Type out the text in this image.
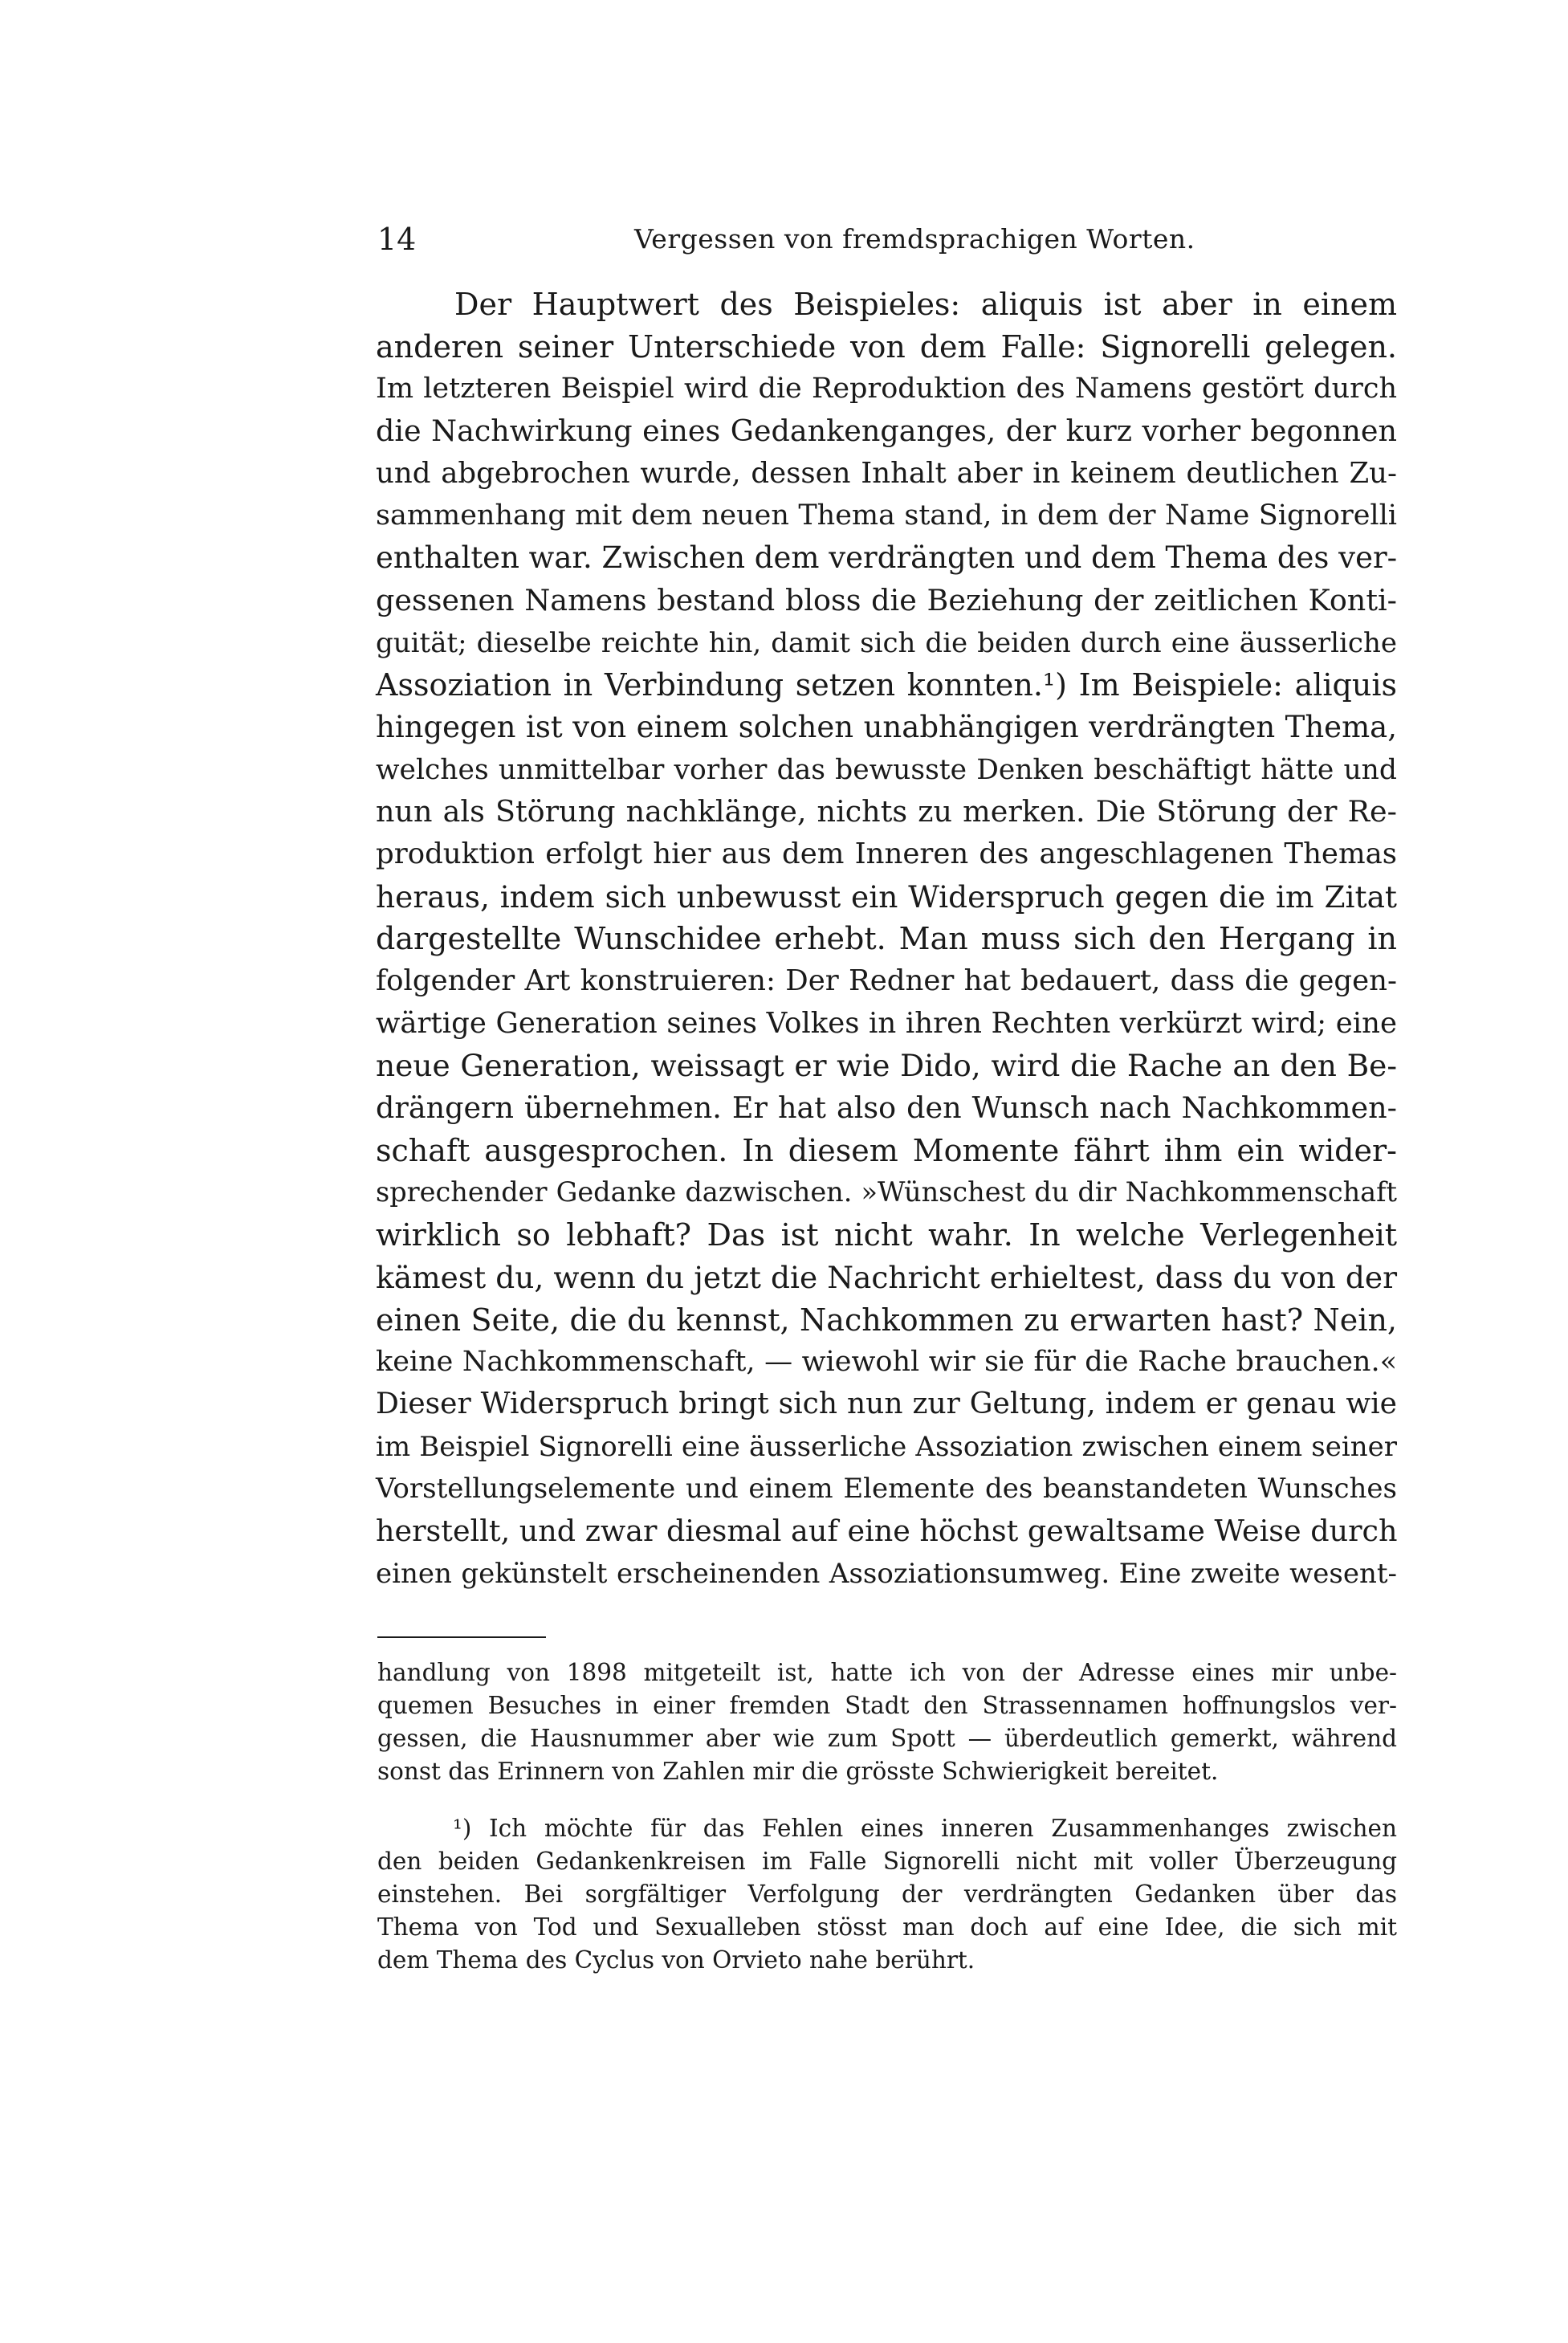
14	Vergessen von fremdsprachigen Worten.
Der Hauptwert des Beispieles: aliquis ist aber in einem
anderen seiner Unterschiede von dem Falle: Signorelli gelegen.
Im letzteren Beispiel wird die Reproduktion des Namens gestört durch
die Nachwirkung eines Gedankenganges, der kurz vorher begonnen
und abgebrochen wurde, dessen Inhalt aber in keinem deutlichen Zu-
sammenhang mit dem neuen Thema stand, in dem der Name Signorelli
enthalten war. Zwischen dem verdrängten und dem Thema des ver-
gessenen Namens bestand bloss die Beziehung der zeitlichen Konti-
guität; dieselbe reichte hin, damit sich die beiden durch eine äusserliche
Assoziation in Verbindung setzen konnten.¹) Im Beispiele: aliquis
hingegen ist von einem solchen unabhängigen verdrängten Thema,
welches unmittelbar vorher das bewusste Denken beschäftigt hätte und
nun als Störung nachklänge, nichts zu merken. Die Störung der Re-
produktion erfolgt hier aus dem Inneren des angeschlagenen Themas
heraus, indem sich unbewusst ein Widerspruch gegen die im Zitat
dargestellte Wunschidee erhebt. Man muss sich den Hergang in
folgender Art konstruieren: Der Redner hat bedauert, dass die gegen-
wärtige Generation seines Volkes in ihren Rechten verkürzt wird; eine
neue Generation, weissagt er wie Dido, wird die Rache an den Be-
drängern übernehmen. Er hat also den Wunsch nach Nachkommen-
schaft ausgesprochen. In diesem Momente fährt ihm ein wider-
sprechender Gedanke dazwischen. »Wünschest du dir Nachkommenschaft
wirklich so lebhaft? Das ist nicht wahr. In welche Verlegenheit
kämest du, wenn du jetzt die Nachricht erhieltest, dass du von der
einen Seite, die du kennst, Nachkommen zu erwarten hast? Nein,
keine Nachkommenschaft, — wiewohl wir sie für die Rache brauchen.«
Dieser Widerspruch bringt sich nun zur Geltung, indem er genau wie
im Beispiel Signorelli eine äusserliche Assoziation zwischen einem seiner
Vorstellungselemente und einem Elemente des beanstandeten Wunsches
herstellt, und zwar diesmal auf eine höchst gewaltsame Weise durch
einen gekünstelt erscheinenden Assoziationsumweg. Eine zweite wesent-
handlung von 1898 mitgeteilt ist, hatte ich von der Adresse eines mir unbe-
quemen Besuches in einer fremden Stadt den Strassennamen hoffnungslos ver-
gessen, die Hausnummer aber wie zum Spott — überdeutlich gemerkt, während
sonst das Erinnern von Zahlen mir die grösste Schwierigkeit bereitet.
¹) Ich möchte für das Fehlen eines inneren Zusammenhanges zwischen
den beiden Gedankenkreisen im Falle Signorelli nicht mit voller Überzeugung
einstehen. Bei sorgfältiger Verfolgung der verdrängten Gedanken über das
Thema von Tod und Sexualleben stösst man doch auf eine Idee, die sich mit
dem Thema des Cyclus von Orvieto nahe berührt.
